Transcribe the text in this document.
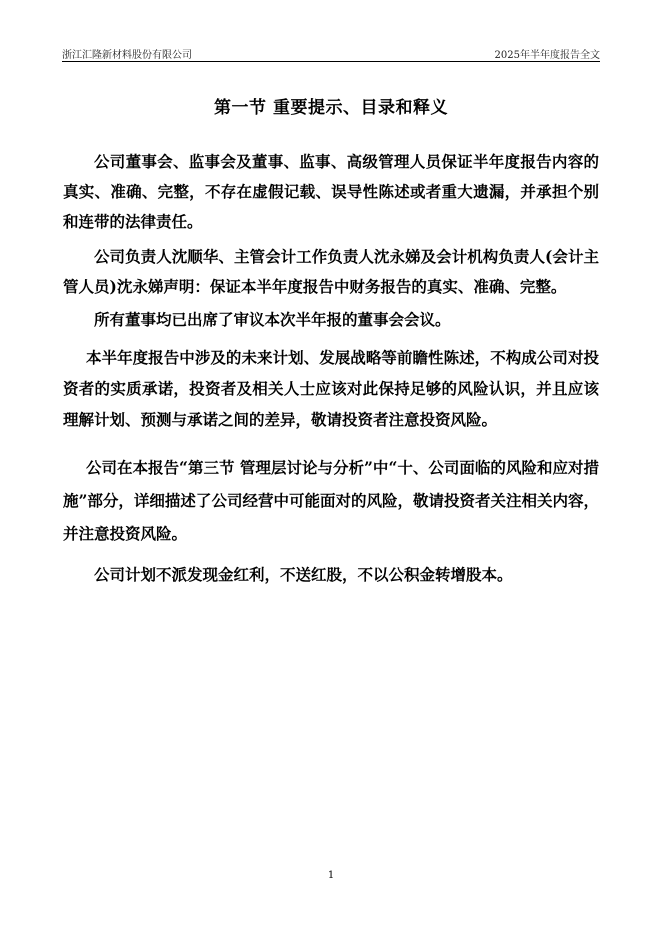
浙江汇隆新材料股份有限公司	2025年半年度报告全文
第一节 重要提示、目录和释义

公司董事会、监事会及董事、监事、高级管理人员保证半年度报告内容的真实、准确、完整，不存在虚假记载、误导性陈述或者重大遗漏，并承担个别和连带的法律责任。

公司负责人沈顺华、主管会计工作负责人沈永娣及会计机构负责人(会计主管人员)沈永娣声明：保证本半年度报告中财务报告的真实、准确、完整。

所有董事均已出席了审议本次半年报的董事会会议。

本半年度报告中涉及的未来计划、发展战略等前瞻性陈述，不构成公司对投资者的实质承诺，投资者及相关人士应该对此保持足够的风险认识，并且应该理解计划、预测与承诺之间的差异，敬请投资者注意投资风险。

公司在本报告“第三节 管理层讨论与分析”中“十、公司面临的风险和应对措施”部分，详细描述了公司经营中可能面对的风险，敬请投资者关注相关内容，并注意投资风险。

公司计划不派发现金红利，不送红股，不以公积金转增股本。

1
